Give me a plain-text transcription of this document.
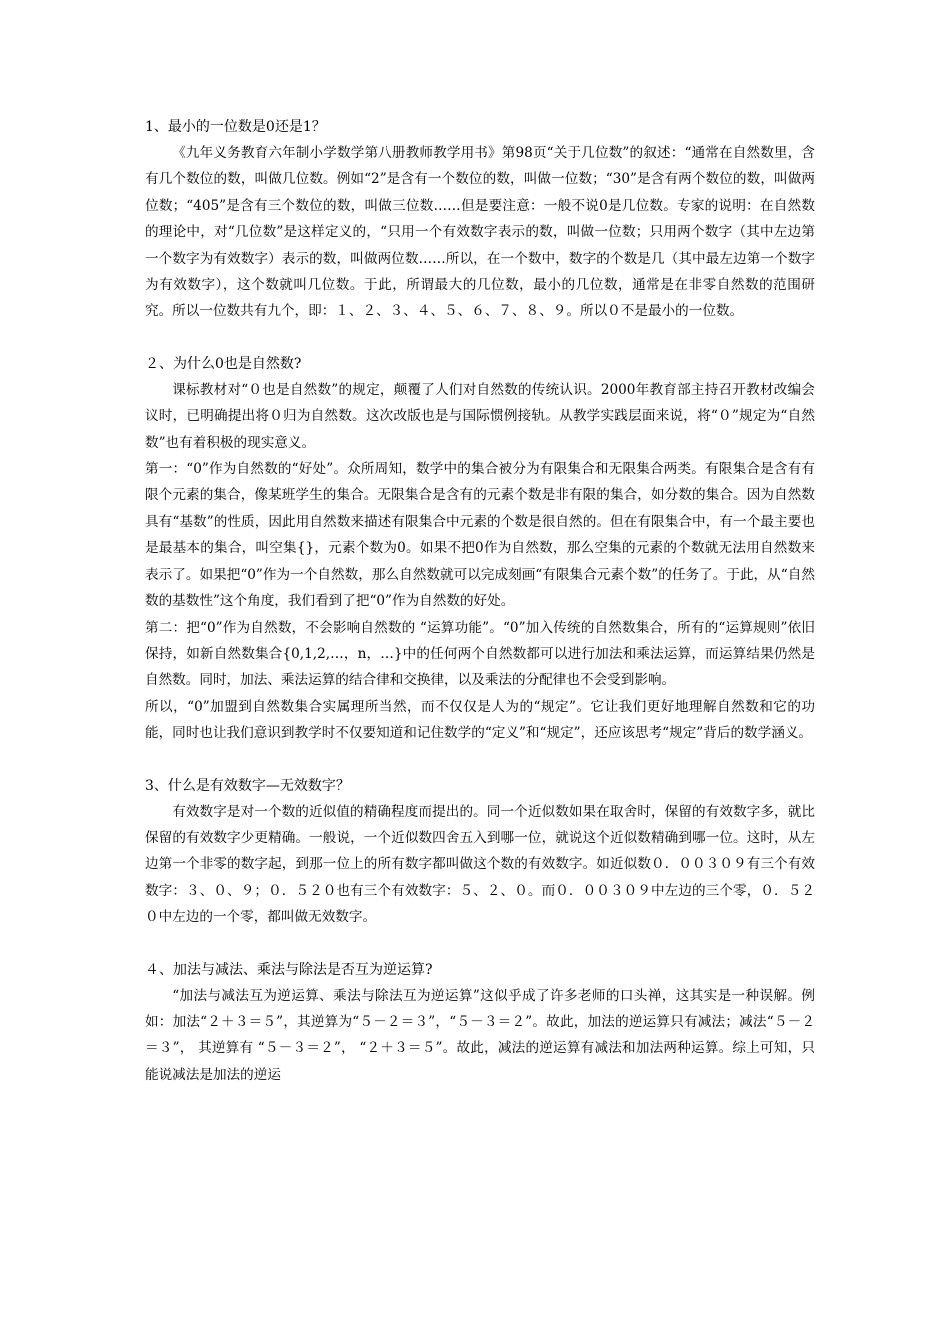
1、最小的一位数是0还是1？

《九年义务教育六年制小学数学第八册教师教学用书》第98页“关于几位数”的叙述：“通常在自然数里，含有几个数位的数，叫做几位数。例如“2”是含有一个数位的数，叫做一位数；“30”是含有两个数位的数，叫做两位数；“405”是含有三个数位的数，叫做三位数……但是要注意：一般不说0是几位数。专家的说明：在自然数的理论中，对“几位数”是这样定义的，“只用一个有效数字表示的数，叫做一位数；只用两个数字（其中左边第一个数字为有效数字）表示的数，叫做两位数……所以，在一个数中，数字的个数是几（其中最左边第一个数字为有效数字），这个数就叫几位数。于此，所谓最大的几位数，最小的几位数，通常是在非零自然数的范围研究。所以一位数共有九个，即：１、２、３、４、５、６、７、８、９。所以０不是最小的一位数。

２、为什么0也是自然数?

课标教材对“０也是自然数”的规定，颠覆了人们对自然数的传统认识。2000年教育部主持召开教材改编会议时，已明确提出将０归为自然数。这次改版也是与国际惯例接轨。从教学实践层面来说，将“０”规定为“自然数”也有着积极的现实意义。

第一：“0”作为自然数的“好处”。众所周知，数学中的集合被分为有限集合和无限集合两类。有限集合是含有有限个元素的集合，像某班学生的集合。无限集合是含有的元素个数是非有限的集合，如分数的集合。因为自然数具有“基数”的性质，因此用自然数来描述有限集合中元素的个数是很自然的。但在有限集合中，有一个最主要也是最基本的集合，叫空集{}，元素个数为0。如果不把0作为自然数，那么空集的元素的个数就无法用自然数来表示了。如果把“0”作为一个自然数，那么自然数就可以完成刻画“有限集合元素个数”的任务了。于此，从“自然数的基数性”这个角度，我们看到了把“0”作为自然数的好处。

第二：把“0”作为自然数，不会影响自然数的 “运算功能”。“0”加入传统的自然数集合，所有的“运算规则”依旧保持，如新自然数集合{0,1,2,…，n，…}中的任何两个自然数都可以进行加法和乘法运算，而运算结果仍然是自然数。同时，加法、乘法运算的结合律和交换律，以及乘法的分配律也不会受到影响。

所以，“0”加盟到自然数集合实属理所当然，而不仅仅是人为的“规定”。它让我们更好地理解自然数和它的功能，同时也让我们意识到教学时不仅要知道和记住数学的“定义”和“规定”，还应该思考“规定”背后的数学涵义。

3、什么是有效数字—无效数字？

有效数字是对一个数的近似值的精确程度而提出的。同一个近似数如果在取舍时，保留的有效数字多，就比保留的有效数字少更精确。一般说，一个近似数四舍五入到哪一位，就说这个近似数精确到哪一位。这时，从左边第一个非零的数字起，到那一位上的所有数字都叫做这个数的有效数字。如近似数０．００３０９有三个有效数字：３、０、９；０．５２０也有三个有效数字：５、２、０。而０．００３０９中左边的三个零，０．５２０中左边的一个零，都叫做无效数字。

４、加法与减法、乘法与除法是否互为逆运算?

“加法与减法互为逆运算、乘法与除法互为逆运算”这似乎成了许多老师的口头禅，这其实是一种误解。例如：加法“２＋３＝５”，其逆算为“５－２＝３”，“５－３＝２”。故此，加法的逆运算只有减法；减法“５－２＝３”， 其逆算有 “５－３＝２”， “２＋３＝５”。故此，减法的逆运算有减法和加法两种运算。综上可知，只能说减法是加法的逆运
